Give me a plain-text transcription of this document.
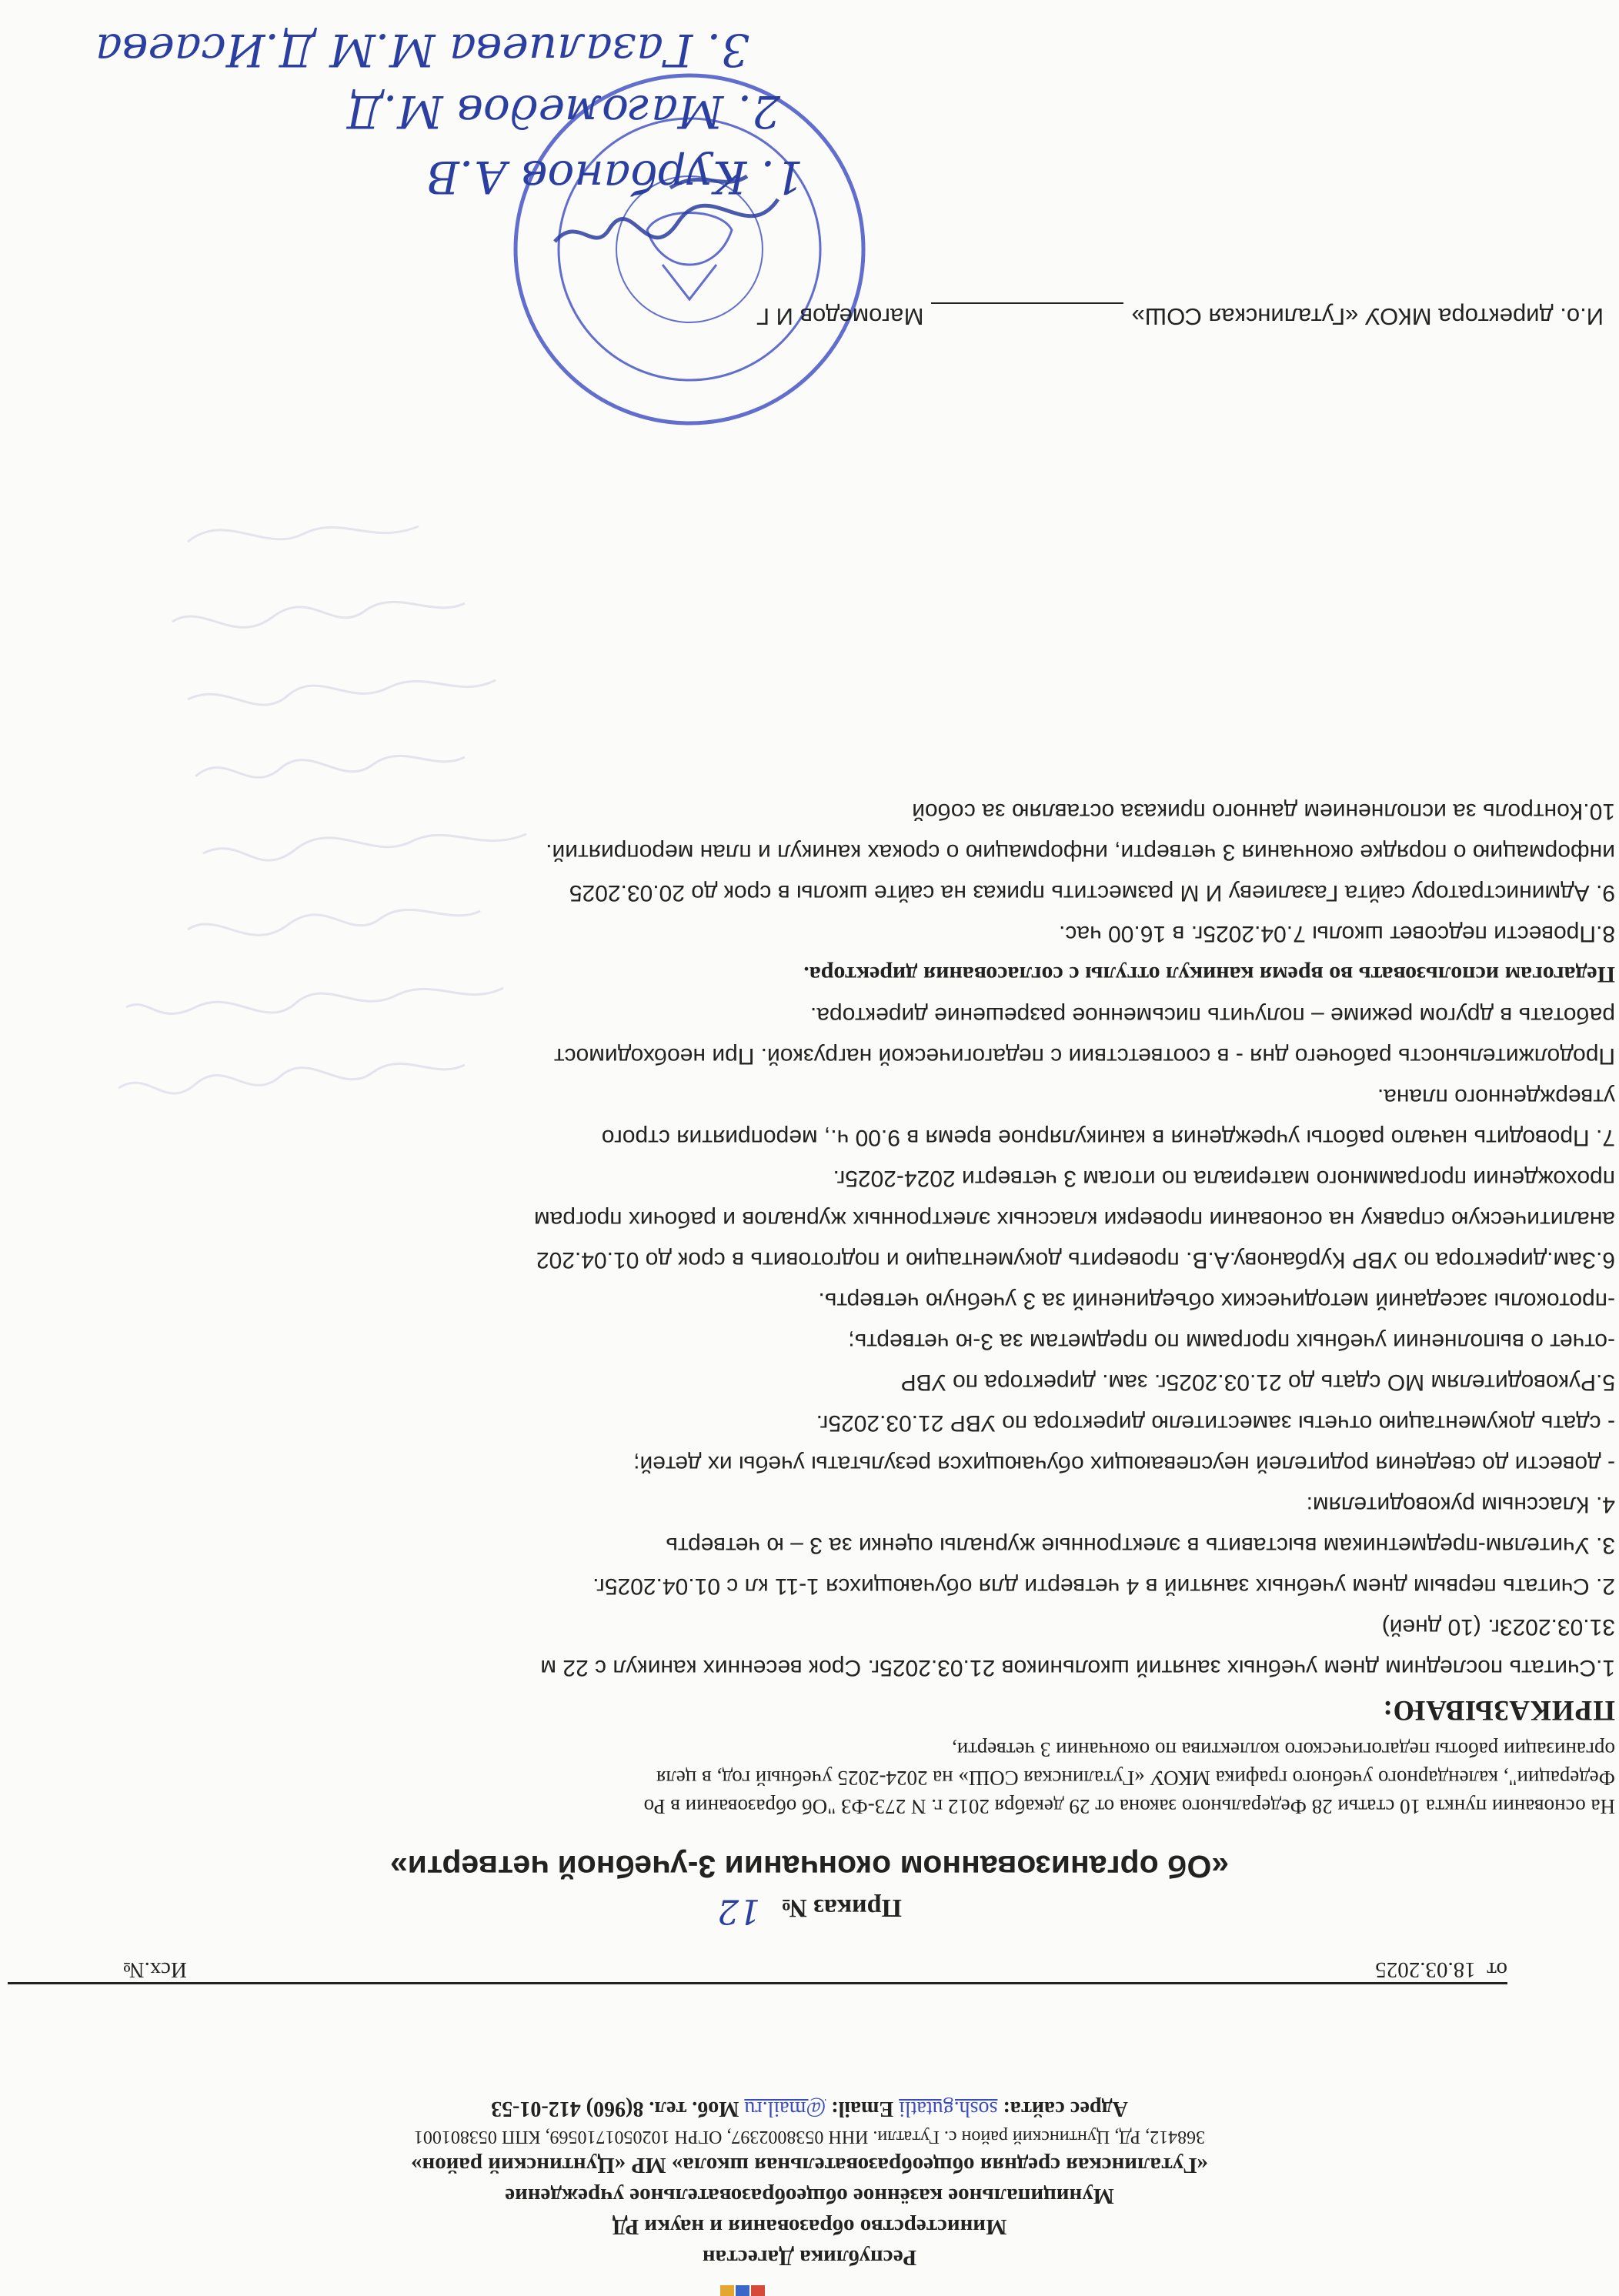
Республика Дагестан
Министерство образования и науки РД
Муниципальное казённое общеобразовательное учреждение
«Гуталинская средняя общеобразовательная школа» МР «Цунтинский район»
368412, РД, Цунтинский район с. Гутатли. ИНН 0538002397, ОГРН 1020501710569, КПП 053801001
Адрес сайта: sosh.gutatli Email: @mail.ru Моб. тел. 8(960) 412-01-53
от  18.03.2025
Исх.№
Приказ № 12
«Об организованном окончании 3-учебной четверти»
На основании пункта 10 статьи 28 Федерального закона от 29 декабря 2012 г. N 273-ФЗ "Об образовании в Ро
Федерации", календарного учебного графика МКОУ «Гуталинская СОШ» на 2024-2025 учебный год, в целя
организации работы педагогического коллектива по окончании 3 четверти,
ПРИКАЗЫВАЮ:
1.Считать последним днем учебных занятий школьников 21.03.2025г. Срок весенних каникул с 22 м
31.03.2023г. (10 дней)
2. Считать первым днем учебных занятий в 4 четверти для обучающихся 1-11 кл с 01.04.2025г.
3. Учителям-предметникам выставить в электронные журналы оценки за 3 – ю четверть
4. Классным руководителям:
- довести до сведения родителей неуспевающих обучающихся результаты учебы их детей;
- сдать документацию отчеты заместителю директора по УВР 21.03.2025г.
5.Руководителям МО сдать до 21.03.2025г. зам. директора по УВР
-отчет о выполнении учебных программ по предметам за 3-ю четверть;
-протоколы заседаний методических объединений за 3 учебную четверть.
6.Зам.директора по УВР Курбанову.А.В. проверить документацию и подготовить в срок до 01.04.202
аналитическую справку на основании проверки классных электронных журналов и рабочих програм
прохождении программного материала по итогам 3 четверти 2024-2025г.
7. Проводить начало работы учреждения в каникулярное время в 9.00 ч., мероприятия строго
утвержденного плана.
Продолжительность рабочего дня - в соответствии с педагогической нагрузкой. При необходимост
работать в другом режиме – получить письменное разрешение директора.
Педагогам использовать во время каникул отгулы с согласования директора.
8.Провести педсовет школы 7.04.2025г. в 16.00 час.
9. Администратору сайта Газалиеву И М разместить приказ на сайте школы в срок до 20.03.2025
информацию о порядке окончания 3 четверти, информацию о сроках каникул и план мероприятий.
10.Контроль за исполнением данного приказа оставляю за собой
И.о. директора МКОУ «Гуталинская СОШ»Магомедов И Г
1. Курбанов А.В
2. Магомедов М.Д
3. Газалиева М.М Д.Исаева
